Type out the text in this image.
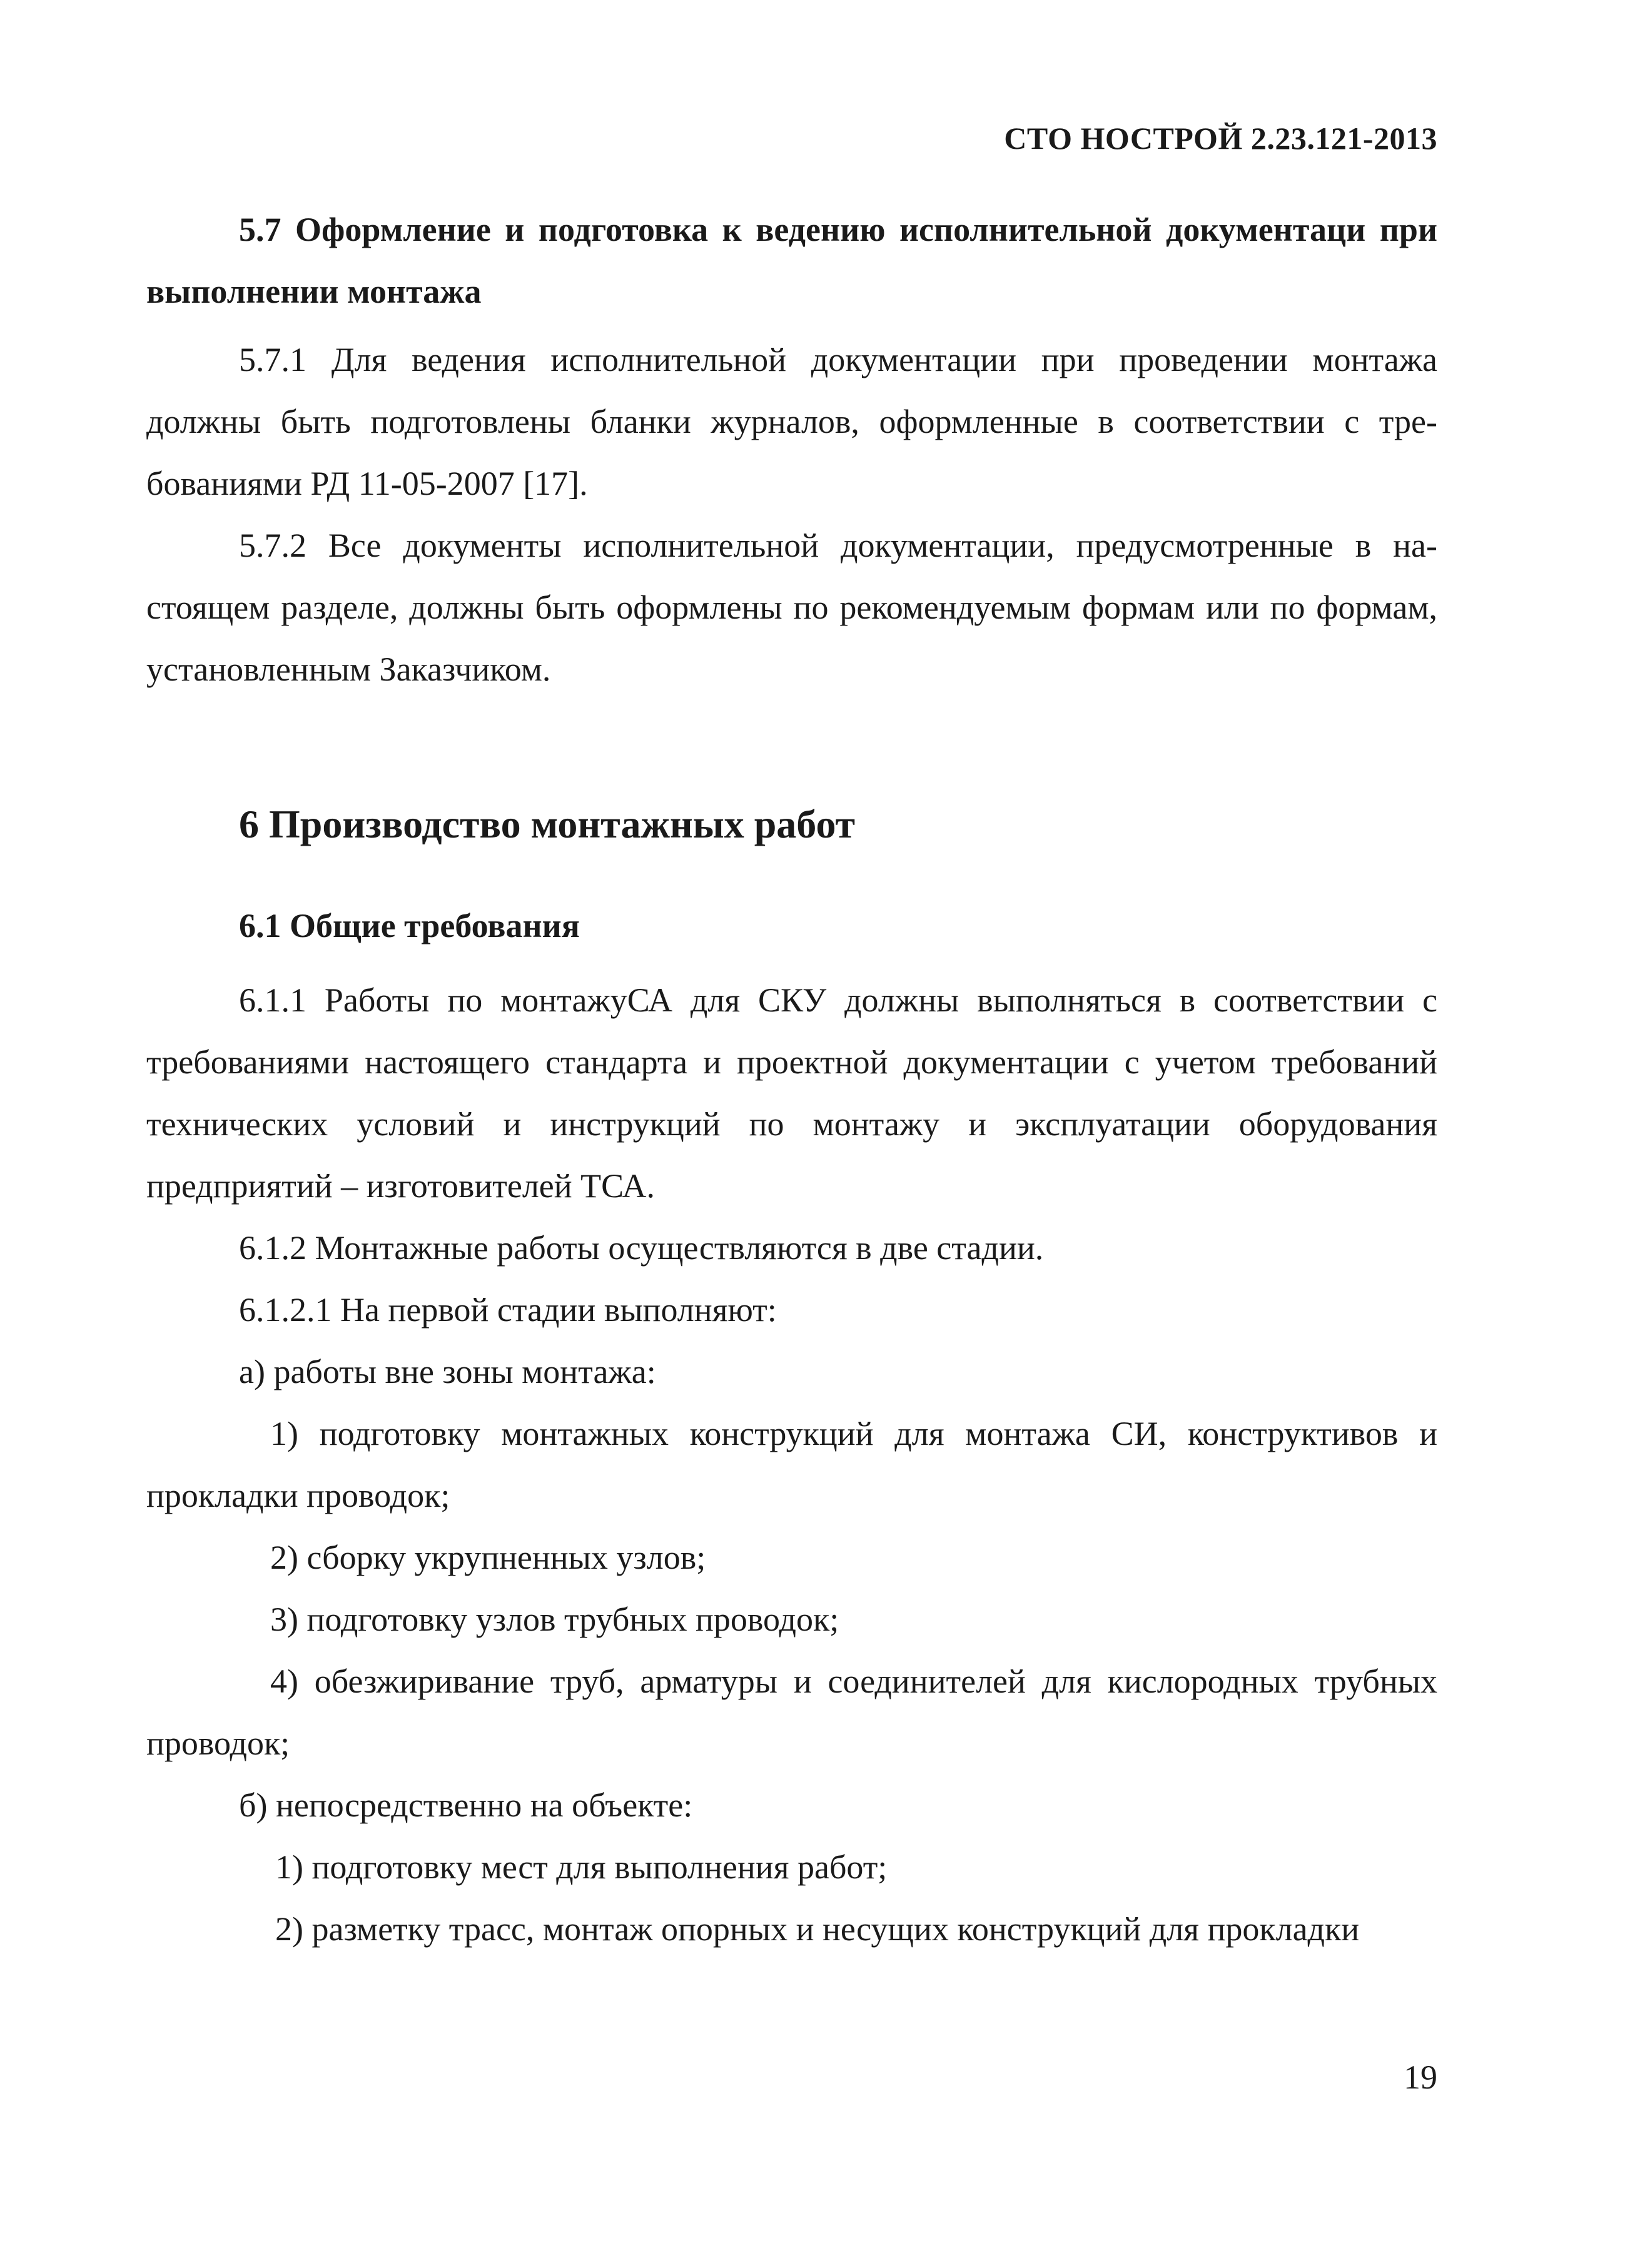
СТО НОСТРОЙ 2.23.121-2013

5.7 Оформление и подготовка к ведению исполнительной документаци при выполнении монтажа

5.7.1 Для ведения исполнительной документации при проведении монтажа должны быть подготовлены бланки журналов, оформленные в соответствии с требованиями РД 11-05-2007 [17].

5.7.2 Все документы исполнительной документации, предусмотренные в настоящем разделе, должны быть оформлены по рекомендуемым формам или по формам, установленным Заказчиком.

6 Производство монтажных работ

6.1 Общие требования

6.1.1 Работы по монтажуСА для СКУ должны выполняться в соответствии с требованиями настоящего стандарта и проектной документации с учетом требований технических условий и инструкций по монтажу и эксплуатации оборудования предприятий – изготовителей ТСА.

6.1.2 Монтажные работы осуществляются в две стадии.

6.1.2.1 На первой стадии выполняют:

а) работы вне зоны монтажа:

1) подготовку монтажных конструкций для монтажа СИ, конструктивов и прокладки проводок;

2) сборку укрупненных узлов;

3) подготовку узлов трубных проводок;

4) обезжиривание труб, арматуры и соединителей для кислородных трубных проводок;

б) непосредственно на объекте:

1) подготовку мест для выполнения работ;

2) разметку трасс, монтаж опорных и несущих конструкций для прокладки

19
